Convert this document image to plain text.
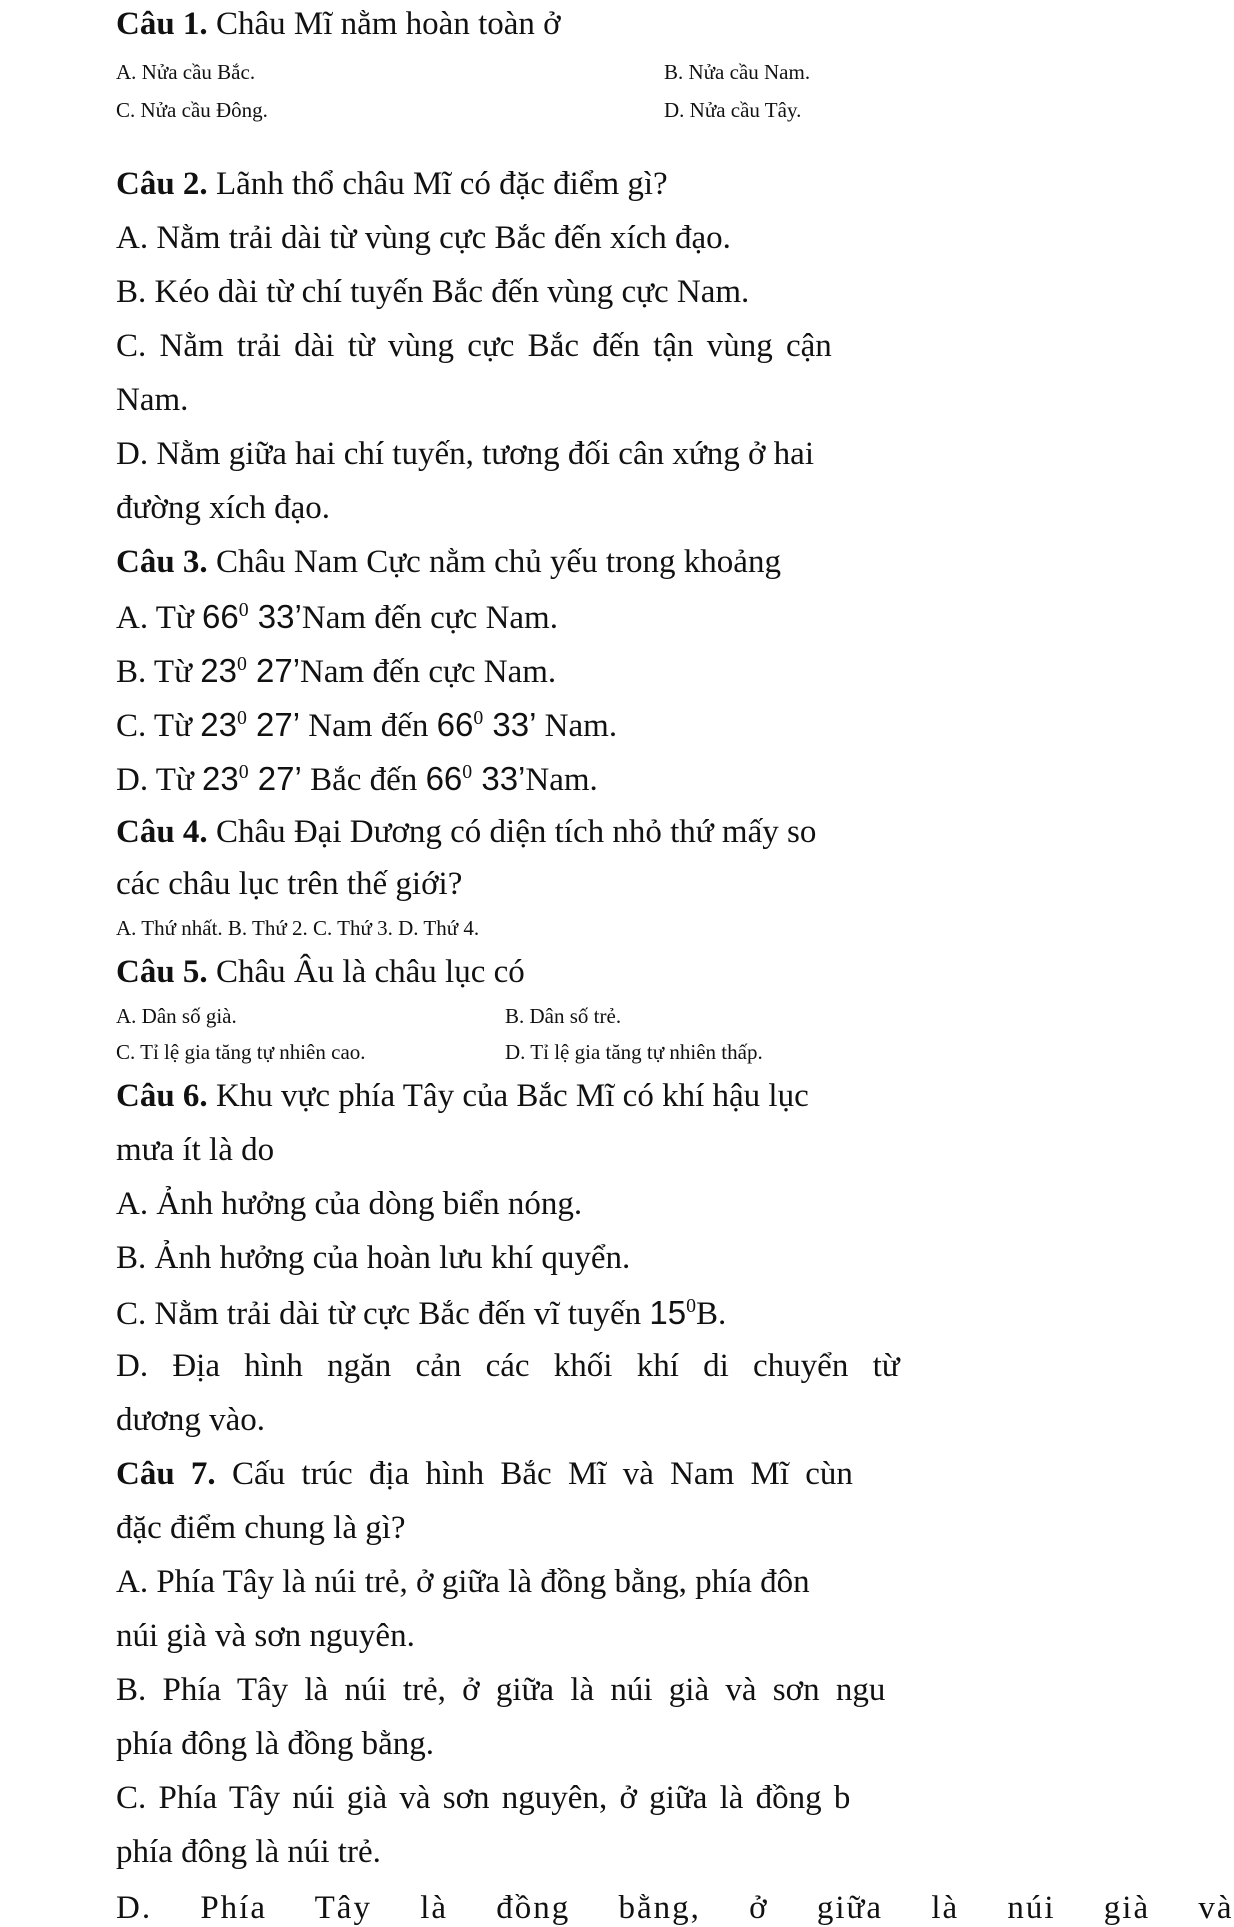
Câu 1. Châu Mĩ nằm hoàn toàn ở
A. Nửa cầu Bắc.	B. Nửa cầu Nam.
C. Nửa cầu Đông.	D. Nửa cầu Tây.
Câu 2. Lãnh thổ châu Mĩ có đặc điểm gì?
A. Nằm trải dài từ vùng cực Bắc đến xích đạo.
B. Kéo dài từ chí tuyến Bắc đến vùng cực Nam.
C. Nằm trải dài từ vùng cực Bắc đến tận vùng cận
Nam.
D. Nằm giữa hai chí tuyến, tương đối cân xứng ở hai
đường xích đạo.
Câu 3. Châu Nam Cực nằm chủ yếu trong khoảng
A. Từ $66^0$ 33’Nam đến cực Nam.
B. Từ $23^0$ 27’Nam đến cực Nam.
C. Từ $23^0$ 27’ Nam đến $66^0$ 33’ Nam.
D. Từ $23^0$ 27’ Bắc đến $66^0$ 33’Nam.
Câu 4. Châu Đại Dương có diện tích nhỏ thứ mấy so
các châu lục trên thế giới?
A. Thứ nhất. B. Thứ 2. C. Thứ 3. D. Thứ 4.
Câu 5. Châu Âu là châu lục có
A. Dân số già.	B. Dân số trẻ.
C. Tỉ lệ gia tăng tự nhiên cao.	D. Tỉ lệ gia tăng tự nhiên thấp.
Câu 6. Khu vực phía Tây của Bắc Mĩ có khí hậu lục
mưa ít là do
A. Ảnh hưởng của dòng biển nóng.
B. Ảnh hưởng của hoàn lưu khí quyển.
C. Nằm trải dài từ cực Bắc đến vĩ tuyến $15^0B$.
D. Địa hình ngăn cản các khối khí di chuyển từ
dương vào.
Câu 7. Cấu trúc địa hình Bắc Mĩ và Nam Mĩ cùn
đặc điểm chung là gì?
A. Phía Tây là núi trẻ, ở giữa là đồng bằng, phía đôn
núi già và sơn nguyên.
B. Phía Tây là núi trẻ, ở giữa là núi già và sơn ngu
phía đông là đồng bằng.
C. Phía Tây núi già và sơn nguyên, ở giữa là đồng b
phía đông là núi trẻ.
D. Phía Tây là đồng bằng, ở giữa là núi già và
